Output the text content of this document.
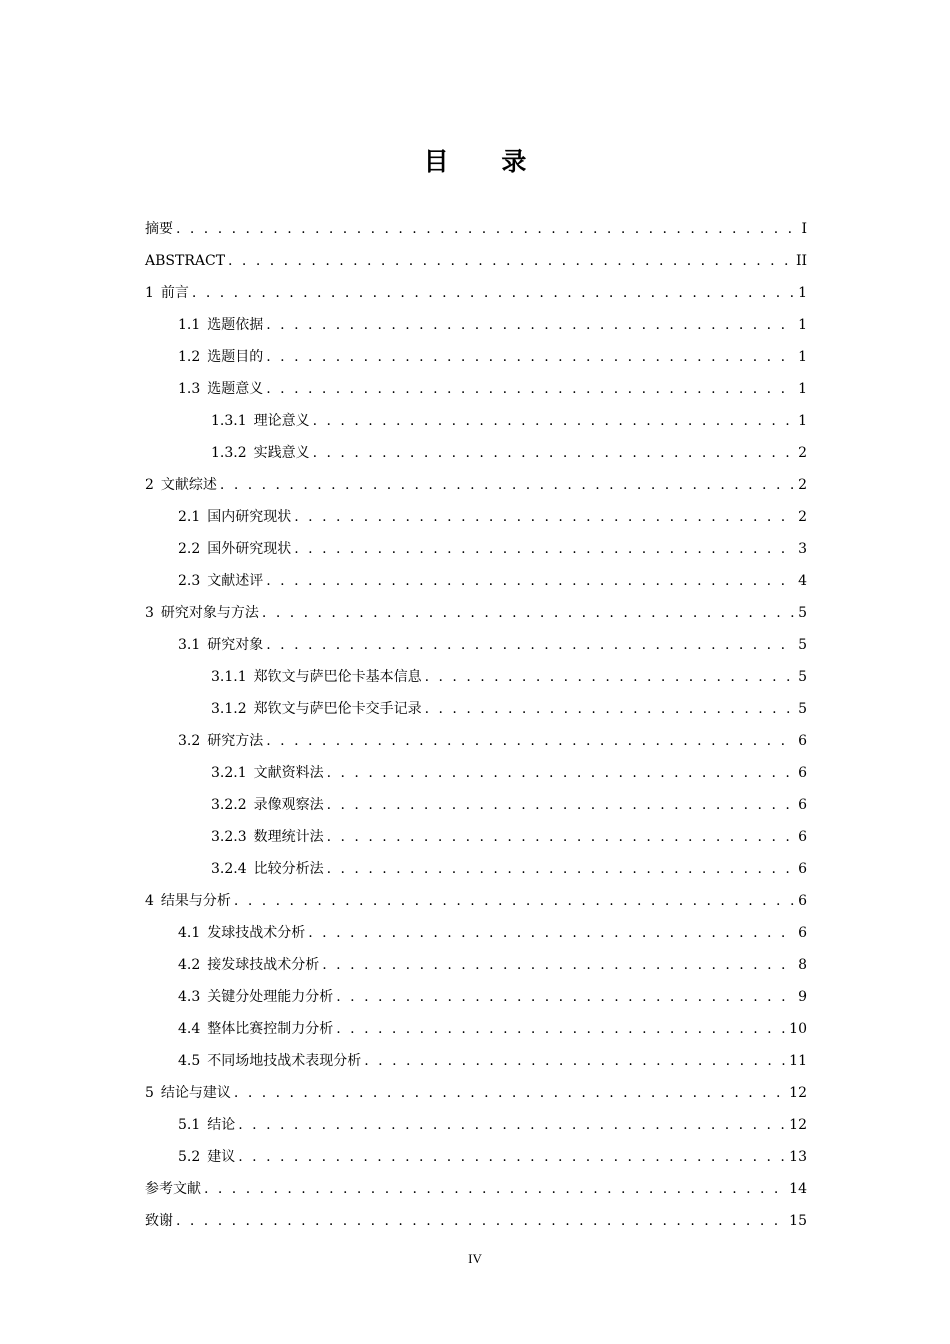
目 录
摘要 . . .	I
ABSTRACT . . .	II
1 前言 . . .	1
1.1 选题依据 . . .	1
1.2 选题目的 . . .	1
1.3 选题意义 . . .	1
1.3.1 理论意义 . . .	1
1.3.2 实践意义 . . .	2
2 文献综述 . . .	2
2.1 国内研究现状 . . .	2
2.2 国外研究现状 . . .	3
2.3 文献述评 . . .	4
3 研究对象与方法 . . .	5
3.1 研究对象 . . .	5
3.1.1 郑钦文与萨巴伦卡基本信息 . . .	5
3.1.2 郑钦文与萨巴伦卡交手记录 . . .	5
3.2 研究方法 . . .	6
3.2.1 文献资料法 . . .	6
3.2.2 录像观察法 . . .	6
3.2.3 数理统计法 . . .	6
3.2.4 比较分析法 . . .	6
4 结果与分析 . . .	6
4.1 发球技战术分析 . . .	6
4.2 接发球技战术分析 . . .	8
4.3 关键分处理能力分析 . . .	9
4.4 整体比赛控制力分析 . . .	10
4.5 不同场地技战术表现分析 . . .	11
5 结论与建议 . . .	12
5.1 结论 . . .	12
5.2 建议 . . .	13
参考文献 . . .	14
致谢 . . .	15
IV
